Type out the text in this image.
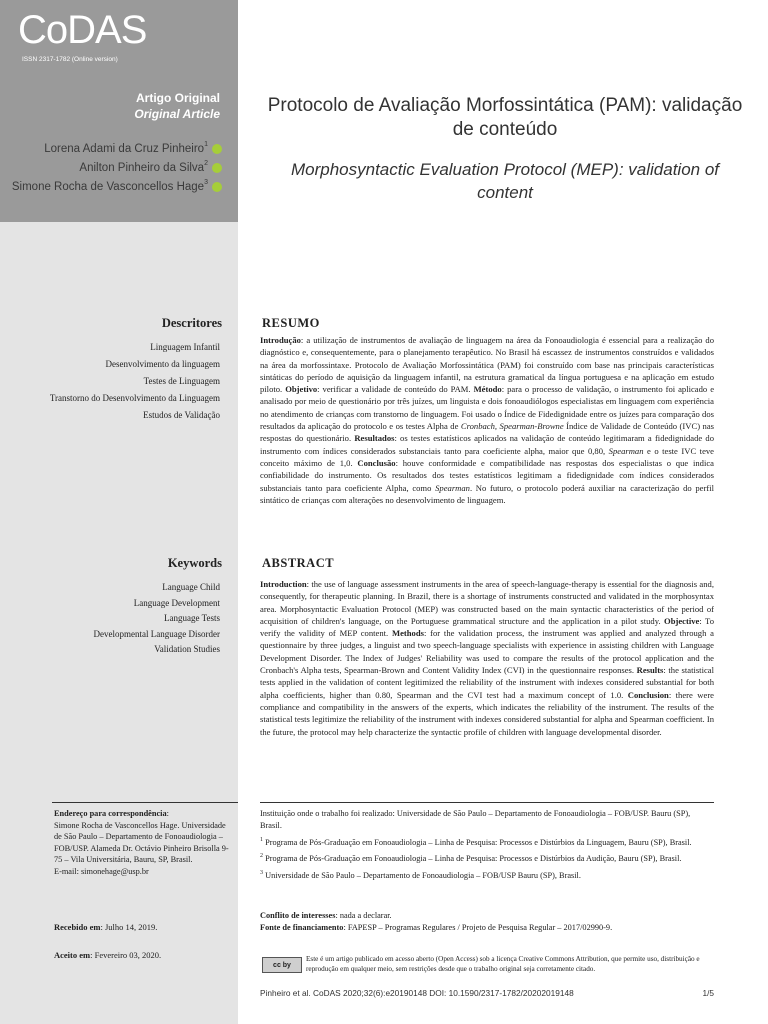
CoDAS
ISSN 2317-1782 (Online version)
Artigo Original
Original Article
Lorena Adami da Cruz Pinheiro$^1$
Anilton Pinheiro da Silva$^2$
Simone Rocha de Vasconcellos Hage$^3$
Protocolo de Avaliação Morfossintática (PAM): validação de conteúdo
Morphosyntactic Evaluation Protocol (MEP): validation of content
Descritores
Linguagem Infantil
Desenvolvimento da linguagem
Testes de Linguagem
Transtorno do Desenvolvimento da Linguagem
Estudos de Validação
RESUMO
Introdução: a utilização de instrumentos de avaliação de linguagem na área da Fonoaudiologia é essencial para a realização do diagnóstico e, consequentemente, para o planejamento terapêutico. No Brasil há escassez de instrumentos construídos e validados na área da morfossintaxe. Protocolo de Avaliação Morfossintática (PAM) foi construído com base nas principais características sintáticas do período de aquisição da linguagem infantil, na estrutura gramatical da língua portuguesa e na aplicação em estudo piloto. Objetivo: verificar a validade de conteúdo do PAM. Método: para o processo de validação, o instrumento foi aplicado e analisado por meio de questionário por três juízes, um linguista e dois fonoaudiólogos especialistas em linguagem com experiência no atendimento de crianças com transtorno de linguagem. Foi usado o Índice de Fidedignidade entre os juízes para comparação dos resultados da aplicação do protocolo e os testes Alpha de Cronbach, Spearman-Browne Índice de Validade de Conteúdo (IVC) nas respostas do questionário. Resultados: os testes estatísticos aplicados na validação de conteúdo legitimaram a fidedignidade do instrumento com índices considerados substanciais tanto para coeficiente alpha, maior que 0,80, Spearman e o teste IVC teve conceito máximo de 1,0. Conclusão: houve conformidade e compatibilidade nas respostas dos especialistas o que indica confiabilidade do instrumento. Os resultados dos testes estatísticos legitimam a fidedignidade com índices considerados substanciais tanto para coeficiente Alpha, como Spearman. No futuro, o protocolo poderá auxiliar na caracterização do perfil sintático de crianças com alterações no desenvolvimento de linguagem.
Keywords
Language Child
Language Development
Language Tests
Developmental Language Disorder
Validation Studies
ABSTRACT
Introduction: the use of language assessment instruments in the area of speech-language-therapy is essential for the diagnosis and, consequently, for therapeutic planning. In Brazil, there is a shortage of instruments constructed and validated in the morphosyntax area. Morphosyntactic Evaluation Protocol (MEP) was constructed based on the main syntactic characteristics of the period of acquisition of children's language, on the Portuguese grammatical structure and the application in a pilot study. Objective: To verify the validity of MEP content. Methods: for the validation process, the instrument was applied and analyzed through a questionnaire by three judges, a linguist and two speech-language specialists with experience in assisting children with Language Development Disorder. The Index of Judges' Reliability was used to compare the results of the protocol application and the Cronbach's Alpha tests, Spearman-Brown and Content Validity Index (CVI) in the questionnaire responses. Results: the statistical tests applied in the validation of content legitimized the reliability of the instrument with indexes considered substantial for both alpha coefficients, higher than 0.80, Spearman and the CVI test had a maximum concept of 1.0. Conclusion: there were compliance and compatibility in the answers of the experts, which indicates the reliability of the instrument. The results of the statistical tests legitimize the reliability of the instrument with indexes considered substantial for alpha and Spearman coefficient. In the future, the protocol may help characterize the syntactic profile of children with language developmental disorder.
Endereço para correspondência:
Simone Rocha de Vasconcellos Hage. Universidade de São Paulo – Departamento de Fonoaudiologia – FOB/USP. Alameda Dr. Octávio Pinheiro Brisolla 9-75 – Vila Universitária, Bauru, SP, Brasil.
E-mail: simonehage@usp.br
Recebido em: Julho 14, 2019.
Aceito em: Fevereiro 03, 2020.

Instituição onde o trabalho foi realizado: Universidade de São Paulo – Departamento de Fonoaudiologia – FOB/USP. Bauru (SP), Brasil.

$^1$ Programa de Pós-Graduação em Fonoaudiologia – Linha de Pesquisa: Processos e Distúrbios da Linguagem, Bauru (SP), Brasil.

$^2$ Programa de Pós-Graduação em Fonoaudiologia – Linha de Pesquisa: Processos e Distúrbios da Audição, Bauru (SP), Brasil.

$^3$ Universidade de São Paulo – Departamento de Fonoaudiologia – FOB/USP Bauru (SP), Brasil.

Conflito de interesses: nada a declarar.
Fonte de financiamento: FAPESP – Programas Regulares / Projeto de Pesquisa Regular – 2017/02990-9.
cc by
Este é um artigo publicado em acesso aberto (Open Access) sob a licença Creative Commons Attribution, que permite uso, distribuição e reprodução em qualquer meio, sem restrições desde que o trabalho original seja corretamente citado.
Pinheiro et al. CoDAS 2020;32(6):e20190148 DOI: 10.1590/2317-1782/20202019148	1/5
